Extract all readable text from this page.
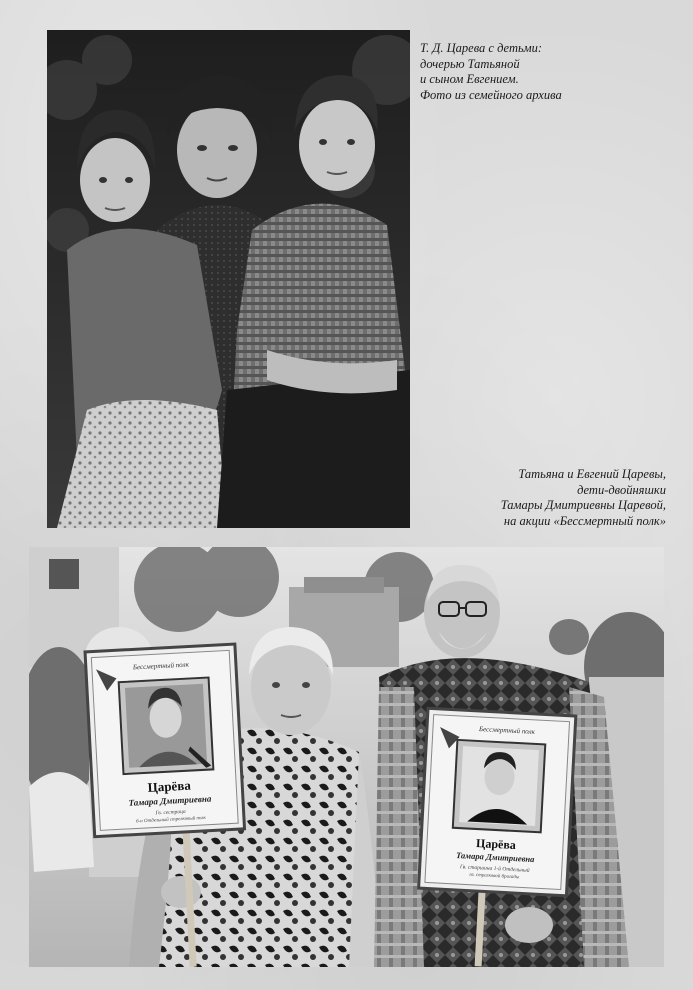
Т. Д. Царева с детьми:
дочерью Татьяной
и сыном Евгением.
Фото из семейного архива

Татьяна и Евгений Царевы,
дети-двойняшки
Тамары Дмитриевны Царевой,
на акции «Бессмертный полк»

Бессмертный полк
Царёва
Тамара Дмитриевна
Гв. сестрица
б-н Отдельный стрелковый полк
Бессмертный полк
Царёва
Тамара Дмитриевна
Гв. старшина 1-й Отдельный
гв. стрелковой бригады
